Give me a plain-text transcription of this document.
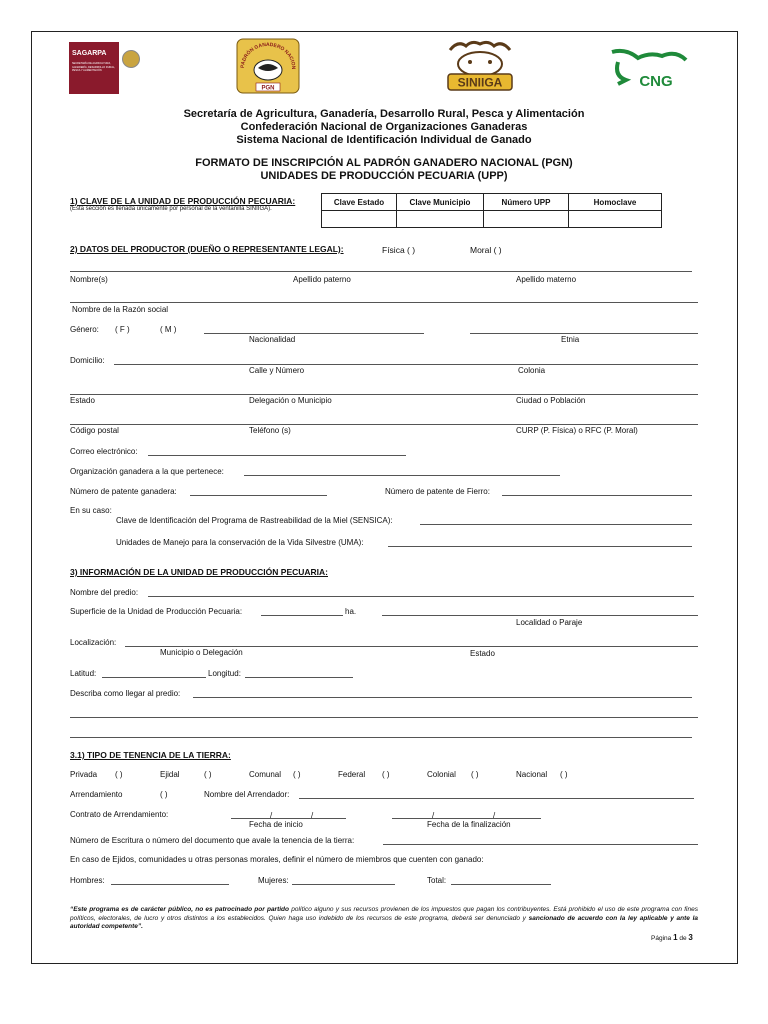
SAGARPA
SECRETARÍA DE AGRICULTURA, GANADERÍA, DESARROLLO RURAL, PESCA Y ALIMENTACIÓN
PADRÓN GANADERO NACION
PGN	SINIIGA	CNG
Secretaría de Agricultura, Ganadería, Desarrollo Rural, Pesca y Alimentación
Confederación Nacional de Organizaciones Ganaderas
Sistema Nacional de Identificación Individual de Ganado
FORMATO DE INSCRIPCIÓN AL PADRÓN GANADERO NACIONAL (PGN)
UNIDADES DE PRODUCCIÓN PECUARIA (UPP)
1) CLAVE DE LA UNIDAD DE PRODUCCIÓN PECUARIA:
(Esta sección es llenada únicamente por personal de la ventanilla SINIIGA).
Clave Estado	Clave Municipio	Número UPP	Homoclave

2) DATOS DEL PRODUCTOR (DUEÑO O REPRESENTANTE LEGAL):	Física ( )	Moral ( )
Nombre(s)	Apellido paterno	Apellido materno
Nombre de la Razón social
Género: ( F )	( M )
Nacionalidad	Etnia
Domicilio:
Calle y Número	Colonia
Estado	Delegación o Municipio	Ciudad o Población
Código postal	Teléfono (s)	CURP (P. Física) o RFC (P. Moral)
Correo electrónico:
Organización ganadera a la que pertenece:
Número de patente ganadera:	Número de patente de Fierro:
En su caso:
Clave de Identificación del Programa de Rastreabilidad de la Miel (SENSICA):
Unidades de Manejo para la conservación de la Vida Silvestre (UMA):
3) INFORMACIÓN DE LA UNIDAD DE PRODUCCIÓN PECUARIA:
Nombre del predio:
Superficie de la Unidad de Producción Pecuaria:	ha.
Localidad o Paraje
Localización:
Municipio o Delegación	Estado
Latitud:	Longitud:
Describa como llegar al predio:
3.1) TIPO DE TENENCIA DE LA TIERRA:
Privada ( )	Ejidal	( )	Comunal ( )	Federal ( )	Colonial ( )	Nacional ( )
Arrendamiento	( )	Nombre del Arrendador:
Contrato de Arrendamiento:	/	/
Fecha de inicio
/	/
Fecha de la finalización
Número de Escritura o número del documento que avale la tenencia de la tierra:
En caso de Ejidos, comunidades u otras personas morales, definir el número de miembros que cuenten con ganado:
Hombres:	Mujeres:	Total:
“Este programa es de carácter público, no es patrocinado por partido político alguno y sus recursos provienen de los impuestos que pagan los contribuyentes. Está prohibido el uso de este programa con fines políticos, electorales, de lucro y otros distintos a los establecidos. Quien haga uso indebido de los recursos de este programa, deberá ser denunciado y sancionado de acuerdo con la ley aplicable y ante la autoridad competente”.
Página 1 de 3
